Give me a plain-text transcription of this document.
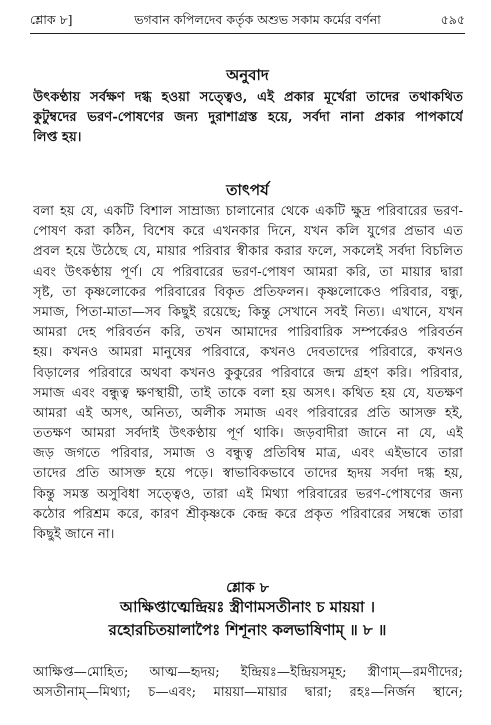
শ্লোক ৮]	ভগবান কপিলদেব কর্তৃক অশুভ সকাম কর্মের বর্ণনা	৫৯৫
অনুবাদ
উৎকণ্ঠায় সর্বক্ষণ দগ্ধ হওয়া সত্ত্বেও, এই প্রকার মূর্খেরা তাদের তথাকথিত
কুটুম্বদের ভরণ-পোষণের জন্য দুরাশাগ্রস্ত হয়ে, সর্বদা নানা প্রকার পাপকার্যে
লিপ্ত হয়।
তাৎপর্য
বলা হয় যে, একটি বিশাল সাম্রাজ্য চালানোর থেকে একটি ক্ষুদ্র পরিবারের ভরণ-
পোষণ করা কঠিন, বিশেষ করে এখনকার দিনে, যখন কলি যুগের প্রভাব এত
প্রবল হয়ে উঠেছে যে, মায়ার পরিবার স্বীকার করার ফলে, সকলেই সর্বদা বিচলিত
এবং উৎকণ্ঠায় পূর্ণ। যে পরিবারের ভরণ-পোষণ আমরা করি, তা মায়ার দ্বারা
সৃষ্ট, তা কৃষ্ণলোকের পরিবারের বিকৃত প্রতিফলন। কৃষ্ণলোকেও পরিবার, বন্ধু,
সমাজ, পিতা-মাতা—সব কিছুই রয়েছে; কিন্তু সেখানে সবই নিত্য। এখানে, যখন
আমরা দেহ পরিবর্তন করি, তখন আমাদের পারিবারিক সম্পর্কেরও পরিবর্তন
হয়। কখনও আমরা মানুষের পরিবারে, কখনও দেবতাদের পরিবারে, কখনও
বিড়ালের পরিবারে অথবা কখনও কুকুরের পরিবারে জন্ম গ্রহণ করি। পরিবার,
সমাজ এবং বন্ধুত্ব ক্ষণস্থায়ী, তাই তাকে বলা হয় অসৎ। কথিত হয় যে, যতক্ষণ
আমরা এই অসৎ, অনিত্য, অলীক সমাজ এবং পরিবারের প্রতি আসক্ত হই,
ততক্ষণ আমরা সর্বদাই উৎকণ্ঠায় পূর্ণ থাকি। জড়বাদীরা জানে না যে, এই
জড় জগতে পরিবার, সমাজ ও বন্ধুত্ব প্রতিবিম্ব মাত্র, এবং এইভাবে তারা
তাদের প্রতি আসক্ত হয়ে পড়ে। স্বাভাবিকভাবে তাদের হৃদয় সর্বদা দগ্ধ হয়,
কিন্তু সমস্ত অসুবিধা সত্ত্বেও, তারা এই মিথ্যা পরিবারের ভরণ-পোষণের জন্য
কঠোর পরিশ্রম করে, কারণ শ্রীকৃষ্ণকে কেন্দ্র করে প্রকৃত পরিবারের সম্বন্ধে তারা
কিছুই জানে না।
শ্লোক ৮
আক্ষিপ্তাত্মেন্দ্রিয়ঃ স্ত্রীণামসতীনাং চ মায়য়া ।
রহোরচিতয়ালাপৈঃ শিশূনাং কলভাষিণাম্ ॥ ৮ ॥
আক্ষিপ্ত—মোহিত; আত্ম—হৃদয়; ইন্দ্রিয়ঃ—ইন্দ্রিয়সমূহ; স্ত্রীণাম্—রমণীদের;
অসতীনাম্—মিথ্যা; চ—এবং; মায়য়া—মায়ার দ্বারা; রহঃ—নির্জন স্থানে;
